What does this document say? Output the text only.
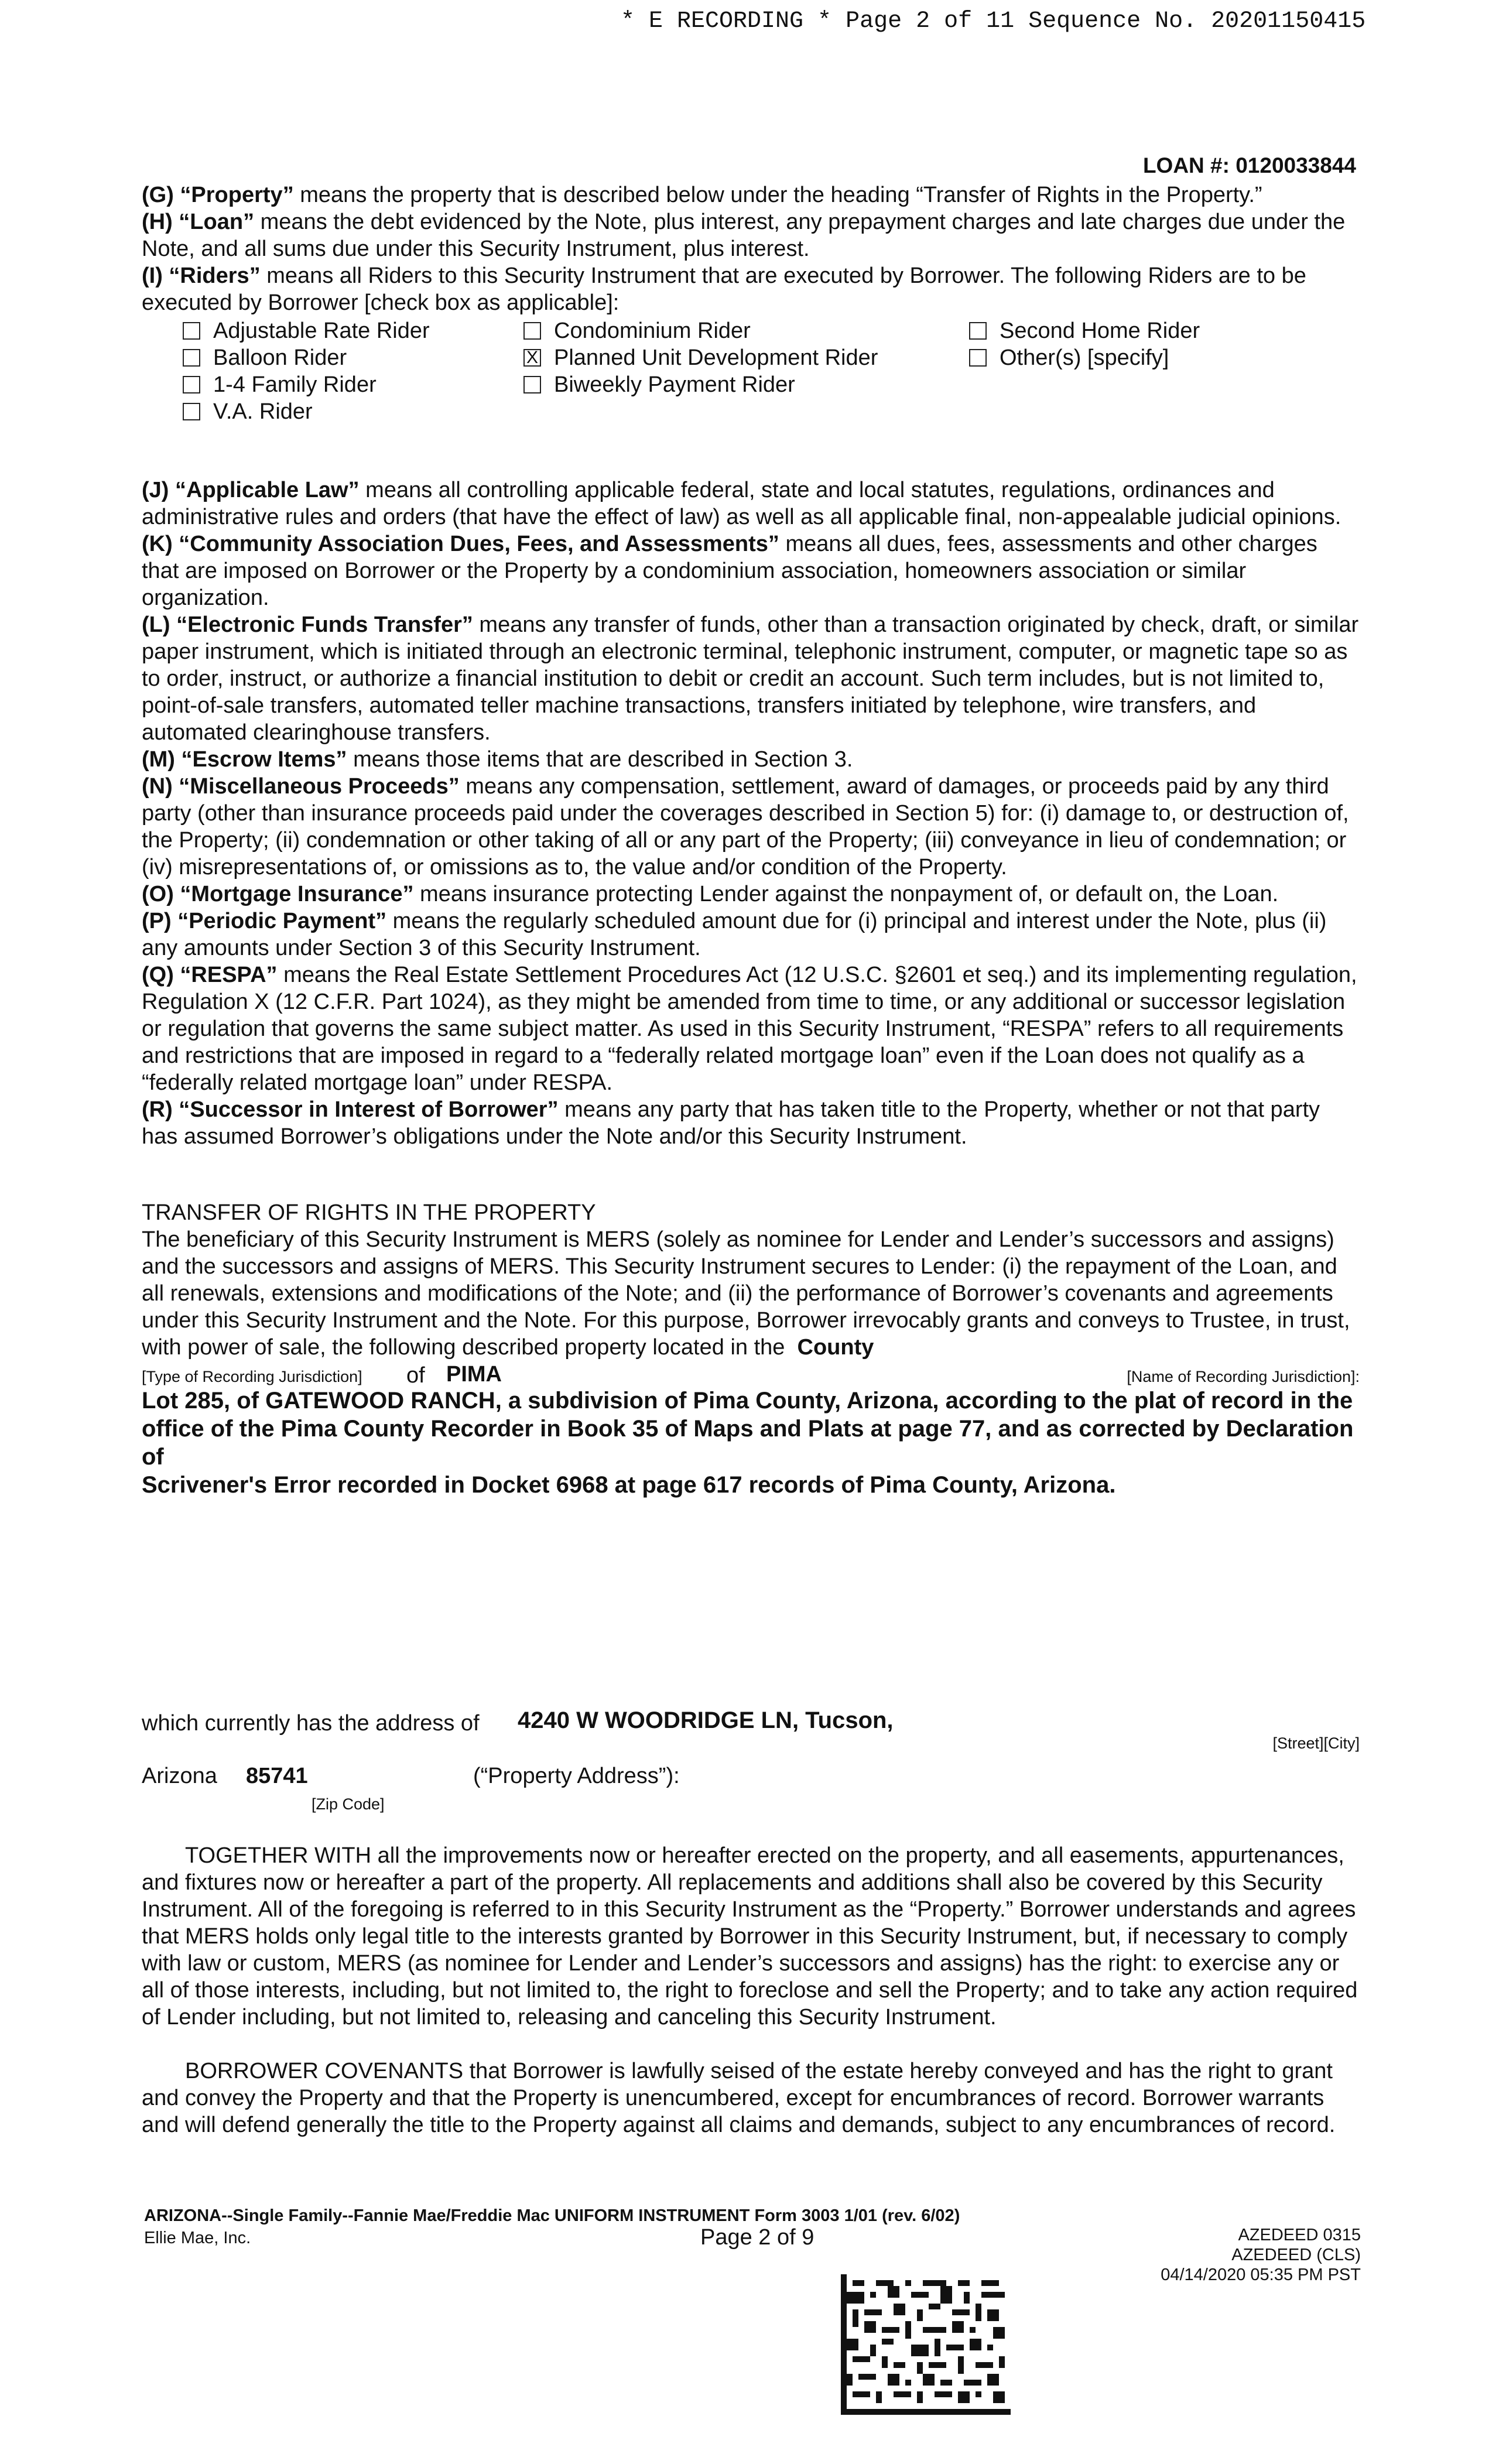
* E RECORDING * Page 2 of 11 Sequence No. 20201150415
LOAN #: 0120033844

(G) “Property” means the property that is described below under the heading “Transfer of Rights in the Property.”

(H) “Loan” means the debt evidenced by the Note, plus interest, any prepayment charges and late charges due under the Note, and all sums due under this Security Instrument, plus interest.

(I) “Riders” means all Riders to this Security Instrument that are executed by Borrower. The following Riders are to be executed by Borrower [check box as applicable]:

Adjustable Rate Rider
Balloon Rider
1-4 Family Rider
V.A. Rider
Condominium Rider
X Planned Unit Development Rider
Biweekly Payment Rider
Second Home Rider
Other(s) [specify]

(J) “Applicable Law” means all controlling applicable federal, state and local statutes, regulations, ordinances and administrative rules and orders (that have the effect of law) as well as all applicable final, non-appealable judicial opinions.

(K) “Community Association Dues, Fees, and Assessments” means all dues, fees, assessments and other charges that are imposed on Borrower or the Property by a condominium association, homeowners association or similar organization.

(L) “Electronic Funds Transfer” means any transfer of funds, other than a transaction originated by check, draft, or similar paper instrument, which is initiated through an electronic terminal, telephonic instrument, computer, or magnetic tape so as to order, instruct, or authorize a financial institution to debit or credit an account. Such term includes, but is not limited to, point-of-sale transfers, automated teller machine transactions, transfers initiated by telephone, wire transfers, and automated clearinghouse transfers.

(M) “Escrow Items” means those items that are described in Section 3.

(N) “Miscellaneous Proceeds” means any compensation, settlement, award of damages, or proceeds paid by any third party (other than insurance proceeds paid under the coverages described in Section 5) for: (i) damage to, or destruction of, the Property; (ii) condemnation or other taking of all or any part of the Property; (iii) conveyance in lieu of condemnation; or (iv) misrepresentations of, or omissions as to, the value and/or condition of the Property.

(O) “Mortgage Insurance” means insurance protecting Lender against the nonpayment of, or default on, the Loan.

(P) “Periodic Payment” means the regularly scheduled amount due for (i) principal and interest under the Note, plus (ii) any amounts under Section 3 of this Security Instrument.

(Q) “RESPA” means the Real Estate Settlement Procedures Act (12 U.S.C. §2601 et seq.) and its implementing regulation, Regulation X (12 C.F.R. Part 1024), as they might be amended from time to time, or any additional or successor legislation or regulation that governs the same subject matter. As used in this Security Instrument, “RESPA” refers to all requirements and restrictions that are imposed in regard to a “federally related mortgage loan” even if the Loan does not qualify as a “federally related mortgage loan” under RESPA.

(R) “Successor in Interest of Borrower” means any party that has taken title to the Property, whether or not that party has assumed Borrower’s obligations under the Note and/or this Security Instrument.

TRANSFER OF RIGHTS IN THE PROPERTY
The beneficiary of this Security Instrument is MERS (solely as nominee for Lender and Lender’s successors and assigns) and the successors and assigns of MERS. This Security Instrument secures to Lender: (i) the repayment of the Loan, and all renewals, extensions and modifications of the Note; and (ii) the performance of Borrower’s covenants and agreements under this Security Instrument and the Note. For this purpose, Borrower irrevocably grants and conveys to Trustee, in trust, with power of sale, the following described property located in the County
[Type of Recording Jurisdiction] of PIMA	[Name of Recording Jurisdiction]:
Lot 285, of GATEWOOD RANCH, a subdivision of Pima County, Arizona, according to the plat of record in the
office of the Pima County Recorder in Book 35 of Maps and Plats at page 77, and as corrected by Declaration
of
Scrivener's Error recorded in Docket 6968 at page 617 records of Pima County, Arizona.
which currently has the address of 4240 W WOODRIDGE LN, Tucson,
[Street][City]
Arizona 85741
[Zip Code]
(“Property Address”):
TOGETHER WITH all the improvements now or hereafter erected on the property, and all easements, appurtenances, and fixtures now or hereafter a part of the property. All replacements and additions shall also be covered by this Security Instrument. All of the foregoing is referred to in this Security Instrument as the “Property.” Borrower understands and agrees that MERS holds only legal title to the interests granted by Borrower in this Security Instrument, but, if necessary to comply with law or custom, MERS (as nominee for Lender and Lender’s successors and assigns) has the right: to exercise any or all of those interests, including, but not limited to, the right to foreclose and sell the Property; and to take any action required of Lender including, but not limited to, releasing and canceling this Security Instrument.
BORROWER COVENANTS that Borrower is lawfully seised of the estate hereby conveyed and has the right to grant and convey the Property and that the Property is unencumbered, except for encumbrances of record. Borrower warrants and will defend generally the title to the Property against all claims and demands, subject to any encumbrances of record.
ARIZONA--Single Family--Fannie Mae/Freddie Mac UNIFORM INSTRUMENT Form 3003 1/01 (rev. 6/02)
Ellie Mae, Inc.	Page 2 of 9	AZEDEED 0315
AZEDEED (CLS)
04/14/2020 05:35 PM PST
